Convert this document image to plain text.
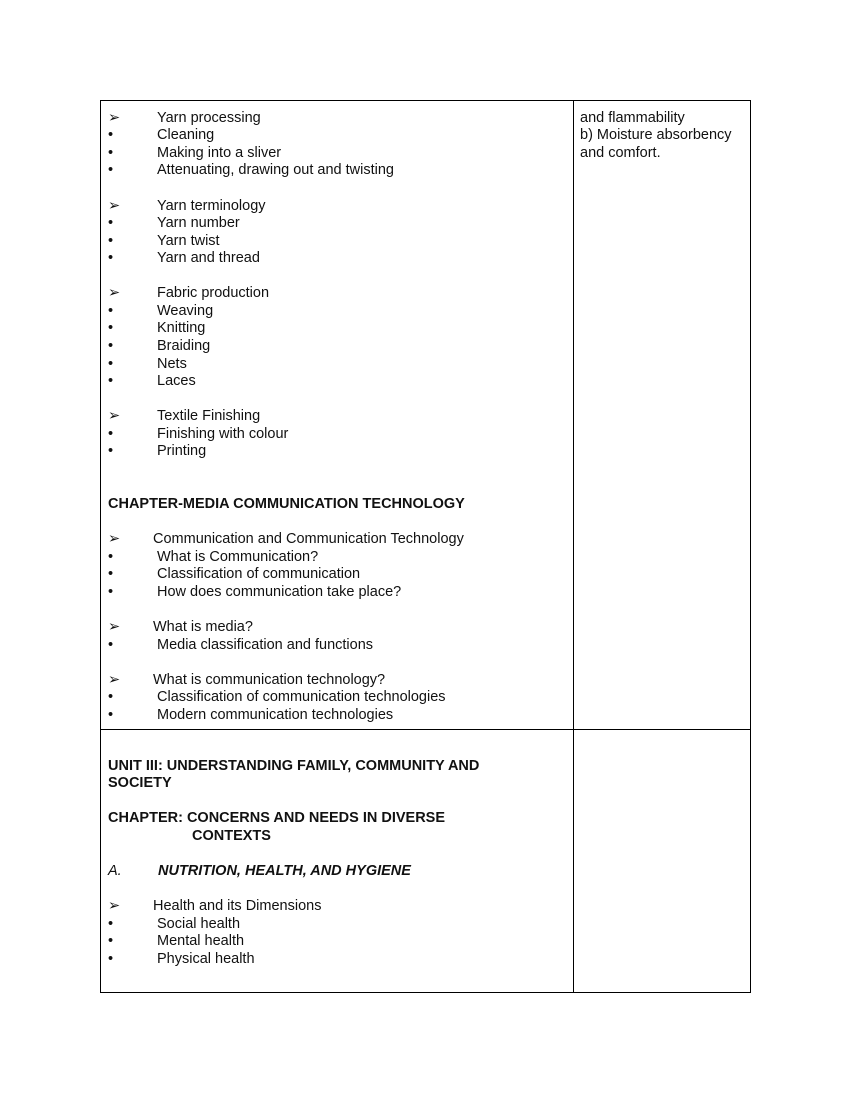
➢	Yarn processing
•	Cleaning
•	Making into a sliver
•	Attenuating, drawing out and twisting
➢	Yarn terminology
•	Yarn number
•	Yarn twist
•	Yarn and thread
➢	Fabric production
•	Weaving
•	Knitting
•	Braiding
•	Nets
•	Laces
➢	Textile Finishing
•	Finishing with colour
•	Printing
CHAPTER-MEDIA COMMUNICATION TECHNOLOGY
➢ Communication and Communication Technology
•	What is Communication?
•	Classification of communication
•	How does communication take place?
➢ What is media?
•	Media classification and functions
➢ What is communication technology?
•	Classification of communication technologies
•	Modern communication technologies
and flammability
b) Moisture absorbency
and comfort.
UNIT III: UNDERSTANDING FAMILY, COMMUNITY AND
SOCIETY
CHAPTER: CONCERNS AND NEEDS IN DIVERSE
CONTEXTS
A.	NUTRITION, HEALTH, AND HYGIENE
➢ Health and its Dimensions
•	Social health
•	Mental health
•	Physical health
